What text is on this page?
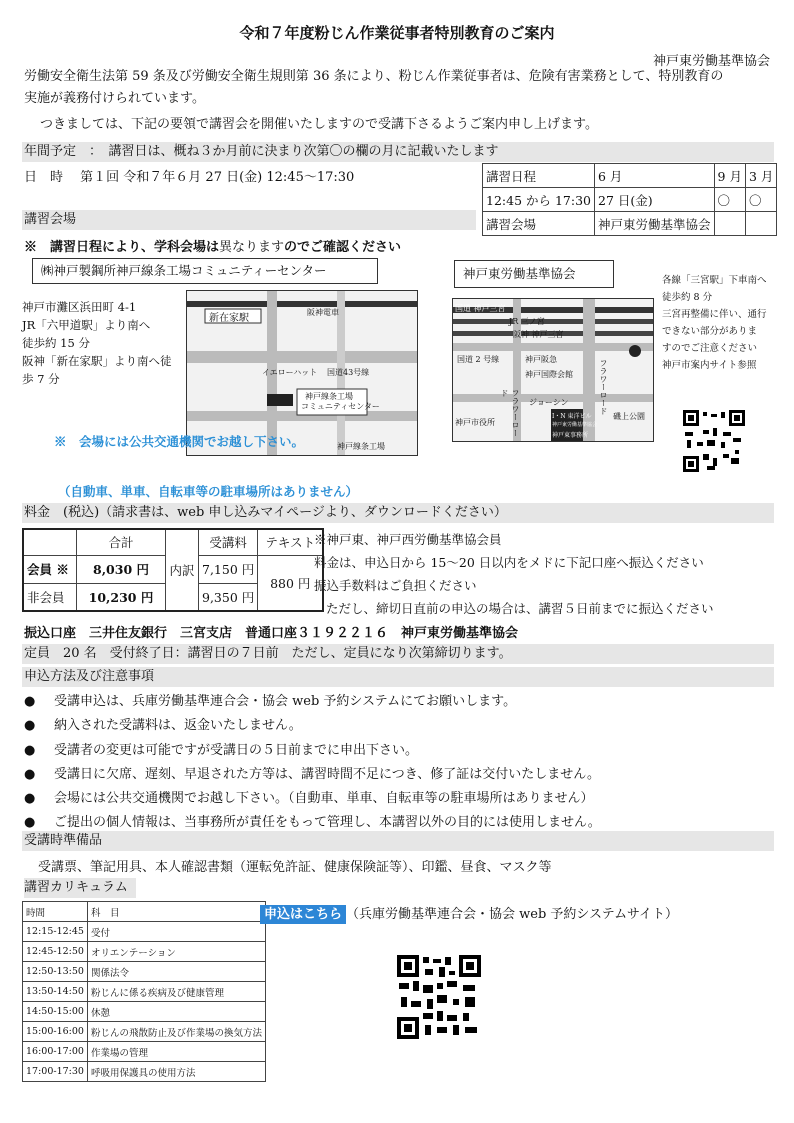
令和７年度粉じん作業従事者特別教育のご案内
神戸東労働基準協会
労働安全衛生法第 59 条及び労働安全衛生規則第 36 条により、粉じん作業従事者は、危険有害業務として、特別教育の
実施が義務付けられています。
つきましては、下記の要領で講習会を開催いたしますので受講下さるようご案内申し上げます。
年間予定　：　講習日は、概ね３か月前に決まり次第〇の欄の月に記載いたします
日　時　 第１回 令和７年６月 27 日(金) 12:45～17:30	講習日程	6 月	9 月	3 月
12:45 から 17:30	27 日(金)	〇	〇
講習会場	神戸東労働基準協会		
講習会場
※　講習日程により、学科会場は異なりますのでご確認ください
㈱神戸製鋼所神戸線条工場コミュニティーセンター
神戸市灘区浜田町 4-1
JR「六甲道駅」より南へ
徒歩約 15 分
阪神「新在家駅」より南へ徒
歩 7 分
新在家駅
阪神電車
イエローハット 国道43号線
神戸線条工場
コミュニティセンター
神戸線条工場
神戸東労働基準協会
国道 神戸三宮
JR 三ノ宮
阪神 神戸三宮
国道 2 号線	神戸阪急
神戸国際会館	フラワーロード
フラワーロード
ジョーシン
神戸市役所
磯上公園
I・N 東洋ビル
神戸東労働基準協会
神戸東事務所
各線「三宮駅」下車南へ
徒歩約 8 分
三宮再整備に伴い、通行
できない部分がありま
すのでご注意ください
神戸市案内サイト参照
※　会場には公共交通機関でお越し下さい。
（自動車、単車、自転車等の駐車場所はありません）
料金　(税込)（請求書は、web 申し込みマイページより、ダウンロードください）
	合計	内訳	受講料	テキスト
会員 ※	8,030 円		7,150 円	880 円
非会員	10,230 円		9,350 円	
※神戸東、神戸西労働基準協会員
料金は、申込日から 15～20 日以内をメドに下記口座へ振込ください
振込手数料はご負担ください
ただし、締切日直前の申込の場合は、講習５日前までに振込ください
振込口座　三井住友銀行　三宮支店　普通口座３１９２２１６　神戸東労働基準協会
定員　20 名　受付終了日：講習日の７日前　ただし、定員になり次第締切ります。
申込方法及び注意事項
● 受講申込は、兵庫労働基準連合会・協会 web 予約システムにてお願いします。
● 納入された受講料は、返金いたしません。
● 受講者の変更は可能ですが受講日の５日前までに申出下さい。
● 受講日に欠席、遅刻、早退された方等は、講習時間不足につき、修了証は交付いたしません。
● 会場には公共交通機関でお越し下さい。（自動車、単車、自転車等の駐車場所はありません）
● ご提出の個人情報は、当事務所が責任をもって管理し、本講習以外の目的には使用しません。
受講時準備品
受講票、筆記用具、本人確認書類（運転免許証、健康保険証等）、印鑑、昼食、マスク等
講習カリキュラム
時間	科　目
12:15-12:45	受付
12:45-12:50	オリエンテーション
12:50-13:50	関係法令
13:50-14:50	粉じんに係る疾病及び健康管理
14:50-15:00	休憩
15:00-16:00	粉じんの飛散防止及び作業場の換気方法
16:00-17:00	作業場の管理
17:00-17:30	呼吸用保護具の使用方法
申込はこちら （兵庫労働基準連合会・協会 web 予約システムサイト）
